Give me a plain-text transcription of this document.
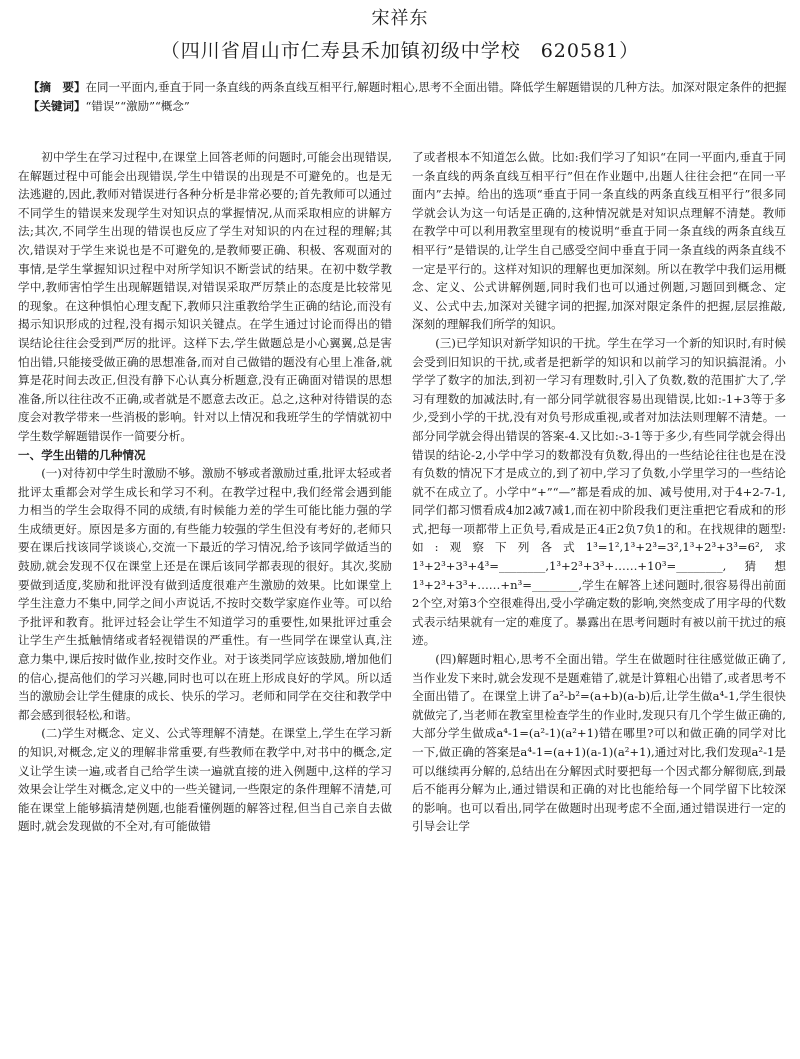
宋祥东
（四川省眉山市仁寿县禾加镇初级中学校　620581）

【摘　要】在同一平面内,垂直于同一条直线的两条直线互相平行,解题时粗心,思考不全面出错。降低学生解题错误的几种方法。加深对限定条件的把握

【关键词】“错误”“激励”“概念”

初中学生在学习过程中,在课堂上回答老师的问题时,可能会出现错误,在解题过程中可能会出现错误,学生中错误的出现是不可避免的。也是无法逃避的,因此,教师对错误进行各种分析是非常必要的;首先教师可以通过不同学生的错误来发现学生对知识点的掌握情况,从而采取相应的讲解方法;其次,不同学生出现的错误也反应了学生对知识的内在过程的理解;其次,错误对于学生来说也是不可避免的,是教师要正确、积极、客观面对的事情,是学生掌握知识过程中对所学知识不断尝试的结果。在初中数学教学中,教师害怕学生出现解题错误,对错误采取严厉禁止的态度是比较常见的现象。在这种惧怕心理支配下,教师只注重教给学生正确的结论,而没有揭示知识形成的过程,没有揭示知识关键点。在学生通过讨论而得出的错误结论往往会受到严厉的批评。这样下去,学生做题总是小心翼翼,总是害怕出错,只能接受做正确的思想准备,而对自己做错的题没有心里上准备,就算是花时间去改正,但没有静下心认真分析题意,没有正确面对错误的思想准备,所以往往改不正确,或者就是不愿意去改正。总之,这种对待错误的态度会对教学带来一些消极的影响。针对以上情况和我班学生的学情就初中学生数学解题错误作一简要分析。

一、学生出错的几种情况

(一)对待初中学生时激励不够。激励不够或者激励过重,批评太轻或者批评太重都会对学生成长和学习不利。在教学过程中,我们经常会遇到能力相当的学生会取得不同的成绩,有时候能力差的学生可能比能力强的学生成绩更好。原因是多方面的,有些能力较强的学生但没有考好的,老师只要在课后找该同学谈谈心,交流一下最近的学习情况,给予该同学做适当的鼓励,就会发现不仅在课堂上还是在课后该同学都表现的很好。其次,奖励要做到适度,奖励和批评没有做到适度很难产生激励的效果。比如课堂上学生注意力不集中,同学之间小声说话,不按时交数学家庭作业等。可以给予批评和教育。批评过轻会让学生不知道学习的重要性,如果批评过重会让学生产生抵触情绪或者轻视错误的严重性。有一些同学在课堂认真,注意力集中,课后按时做作业,按时交作业。对于该类同学应该鼓励,增加他们的信心,提高他们的学习兴趣,同时也可以在班上形成良好的学风。所以适当的激励会让学生健康的成长、快乐的学习。老师和同学在交往和教学中都会感到很轻松,和谐。

(二)学生对概念、定义、公式等理解不清楚。在课堂上,学生在学习新的知识,对概念,定义的理解非常重要,有些教师在教学中,对书中的概念,定义让学生读一遍,或者自己给学生读一遍就直接的进入例题中,这样的学习效果会让学生对概念,定义中的一些关键词,一些限定的条件理解不清楚,可能在课堂上能够搞清楚例题,也能看懂例题的解答过程,但当自己亲自去做题时,就会发现做的不全对,有可能做错

了或者根本不知道怎么做。比如:我们学习了知识“在同一平面内,垂直于同一条直线的两条直线互相平行”但在作业题中,出题人往往会把“在同一平面内”去掉。给出的选项“垂直于同一条直线的两条直线互相平行”很多同学就会认为这一句话是正确的,这种情况就是对知识点理解不清楚。教师在教学中可以利用教室里现有的棱说明“垂直于同一条直线的两条直线互相平行”是错误的,让学生自己感受空间中垂直于同一条直线的两条直线不一定是平行的。这样对知识的理解也更加深刻。所以在教学中我们运用概念、定义、公式讲解例题,同时我们也可以通过例题,习题回到概念、定义、公式中去,加深对关键字词的把握,加深对限定条件的把握,层层推敲,深刻的理解我们所学的知识。

(三)已学知识对新学知识的干扰。学生在学习一个新的知识时,有时候会受到旧知识的干扰,或者是把新学的知识和以前学习的知识搞混淆。小学学了数字的加法,到初一学习有理数时,引入了负数,数的范围扩大了,学习有理数的加减法时,有一部分同学就很容易出现错误,比如:-1+3等于多少,受到小学的干扰,没有对负号形成重视,或者对加法法则理解不清楚。一部分同学就会得出错误的答案-4.又比如:-3-1等于多少,有些同学就会得出错误的结论-2,小学中学习的数都没有负数,得出的一些结论往往也是在没有负数的情况下才是成立的,到了初中,学习了负数,小学里学习的一些结论就不在成立了。小学中“+”“—”都是看成的加、减号使用,对于4+2-7-1,同学们都习惯看成4加2减7减1,而在初中阶段我们更注重把它看成和的形式,把每一项都带上正负号,看成是正4正2负7负1的和。在找规律的题型:如:观察下列各式1³=1²,1³+2³=3²,1³+2³+3³=6²,求1³+2³+3³+4³=________,1³+2³+3³+……+10³=________,猜想1³+2³+3³+……+n³=________,学生在解答上述问题时,很容易得出前面2个空,对第3个空很难得出,受小学确定数的影响,突然变成了用字母的代数式表示结果就有一定的难度了。暴露出在思考问题时有被以前干扰过的痕迹。

(四)解题时粗心,思考不全面出错。学生在做题时往往感觉做正确了,当作业发下来时,就会发现不是题难错了,就是计算粗心出错了,或者思考不全面出错了。在课堂上讲了a²-b²=(a+b)(a-b)后,让学生做a⁴-1,学生很快就做完了,当老师在教室里检查学生的作业时,发现只有几个学生做正确的,大部分学生做成a⁴-1=(a²-1)(a²+1)错在哪里?可以和做正确的同学对比一下,做正确的答案是a⁴-1=(a+1)(a-1)(a²+1),通过对比,我们发现a²-1是可以继续再分解的,总结出在分解因式时要把每一个因式都分解彻底,到最后不能再分解为止,通过错误和正确的对比也能给每一个同学留下比较深的影响。也可以看出,同学在做题时出现考虑不全面,通过错误进行一定的引导会让学
